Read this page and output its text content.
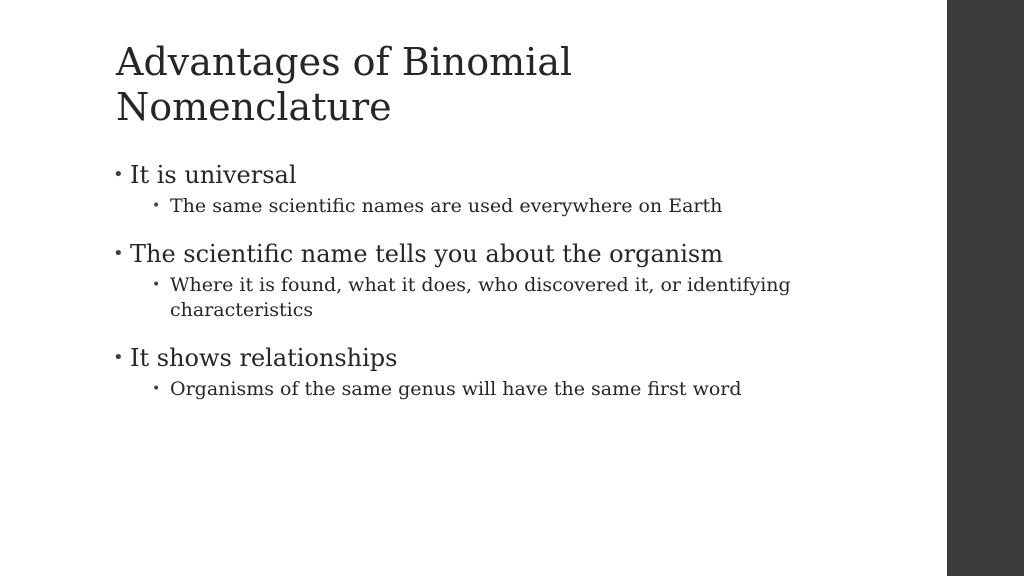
Advantages of Binomial
Nomenclature
• It is universal
• The same scientific names are used everywhere on Earth
• The scientific name tells you about the organism
• Where it is found, what it does, who discovered it, or identifying characteristics
• It shows relationships
• Organisms of the same genus will have the same first word
